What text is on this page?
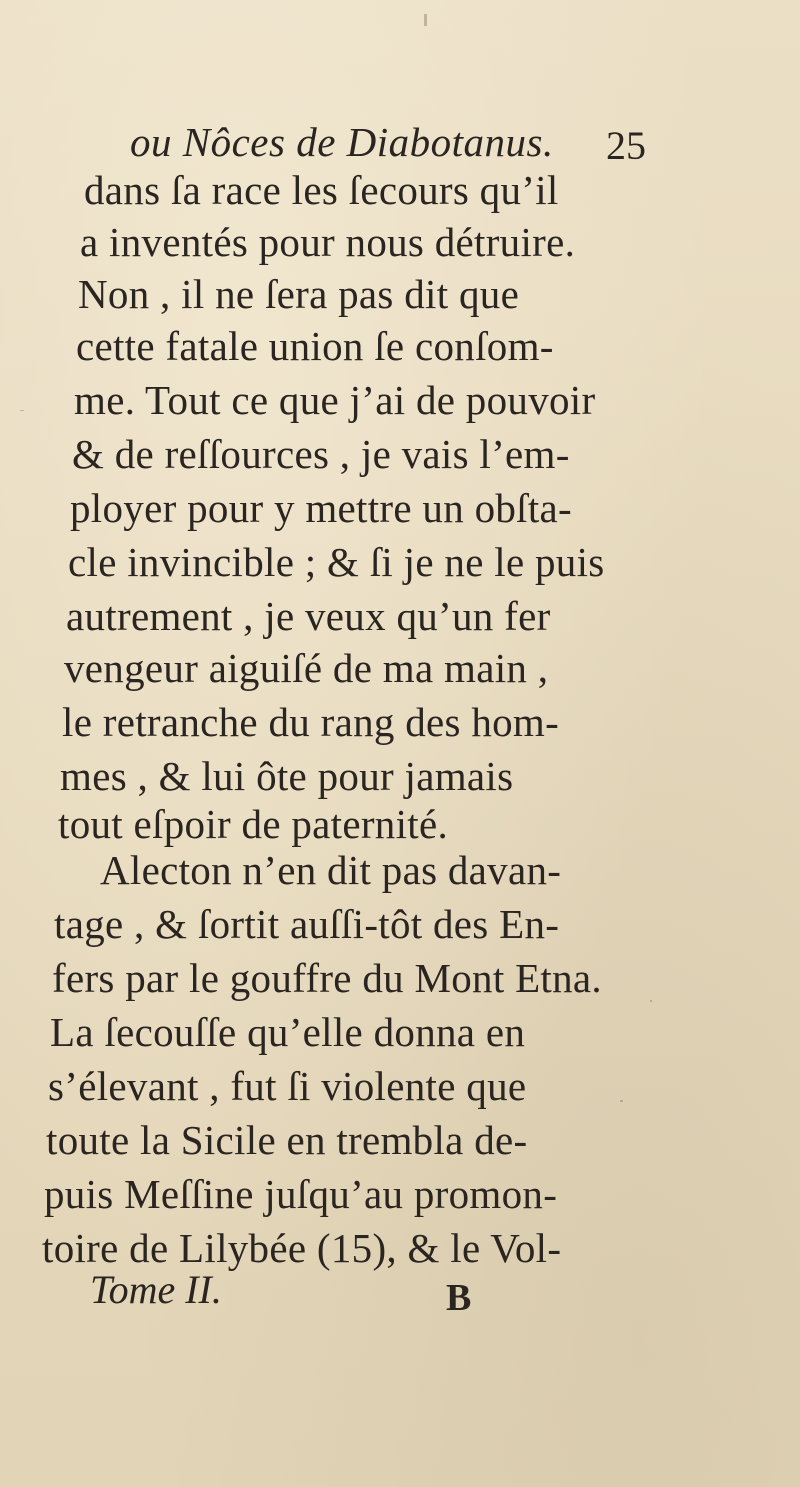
ou Nôces de Diabotanus. 25
dans ſa race les ſecours qu’il
a inventés pour nous détruire.
Non , il ne ſera pas dit que
cette fatale union ſe conſom-
me. Tout ce que j’ai de pouvoir
& de reſſources , je vais l’em-
ployer pour y mettre un obſta-
cle invincible ; & ſi je ne le puis
autrement , je veux qu’un fer
vengeur aiguiſé de ma main ,
le retranche du rang des hom-
mes , & lui ôte pour jamais
tout eſpoir de paternité.
Alecton n’en dit pas davan-
tage , & ſortit auſſi-tôt des En-
fers par le gouffre du Mont Etna.
La ſecouſſe qu’elle donna en
s’élevant , fut ſi violente que
toute la Sicile en trembla de-
puis Meſſine juſqu’au promon-
toire de Lilybée (15), & le Vol-
Tome II.	B
